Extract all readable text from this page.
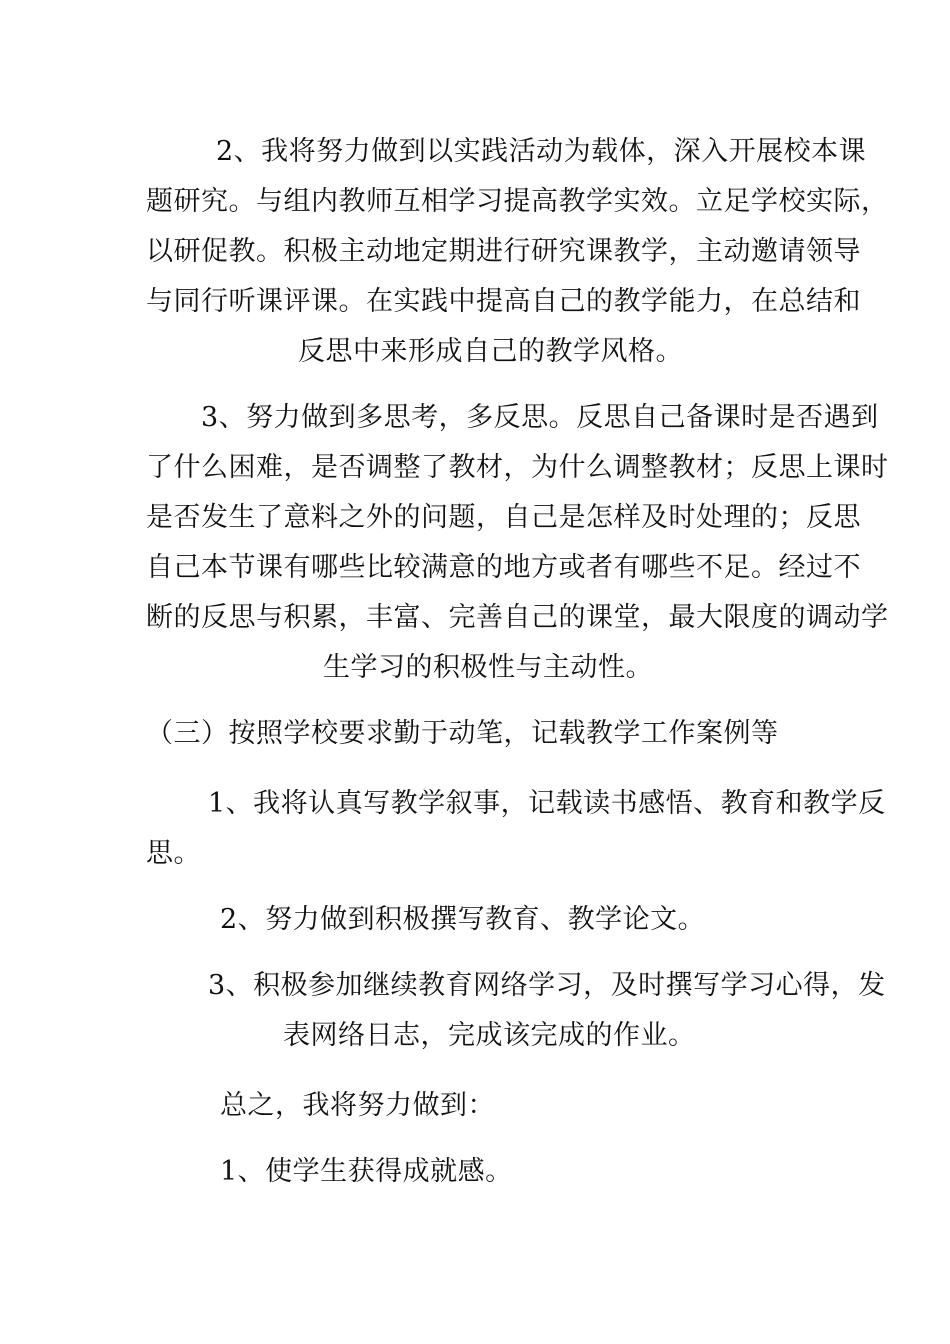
2、我将努力做到以实践活动为载体，深入开展校本课
题研究。与组内教师互相学习提高教学实效。立足学校实际，
以研促教。积极主动地定期进行研究课教学，主动邀请领导
与同行听课评课。在实践中提高自己的教学能力，在总结和
反思中来形成自己的教学风格。
3、努力做到多思考，多反思。反思自己备课时是否遇到
了什么困难，是否调整了教材，为什么调整教材；反思上课时
是否发生了意料之外的问题，自己是怎样及时处理的；反思
自己本节课有哪些比较满意的地方或者有哪些不足。经过不
断的反思与积累，丰富、完善自己的课堂，最大限度的调动学
生学习的积极性与主动性。
（三）按照学校要求勤于动笔，记载教学工作案例等
1、我将认真写教学叙事，记载读书感悟、教育和教学反
思。
2、努力做到积极撰写教育、教学论文。
3、积极参加继续教育网络学习，及时撰写学习心得，发
表网络日志，完成该完成的作业。
总之，我将努力做到：
1、使学生获得成就感。
